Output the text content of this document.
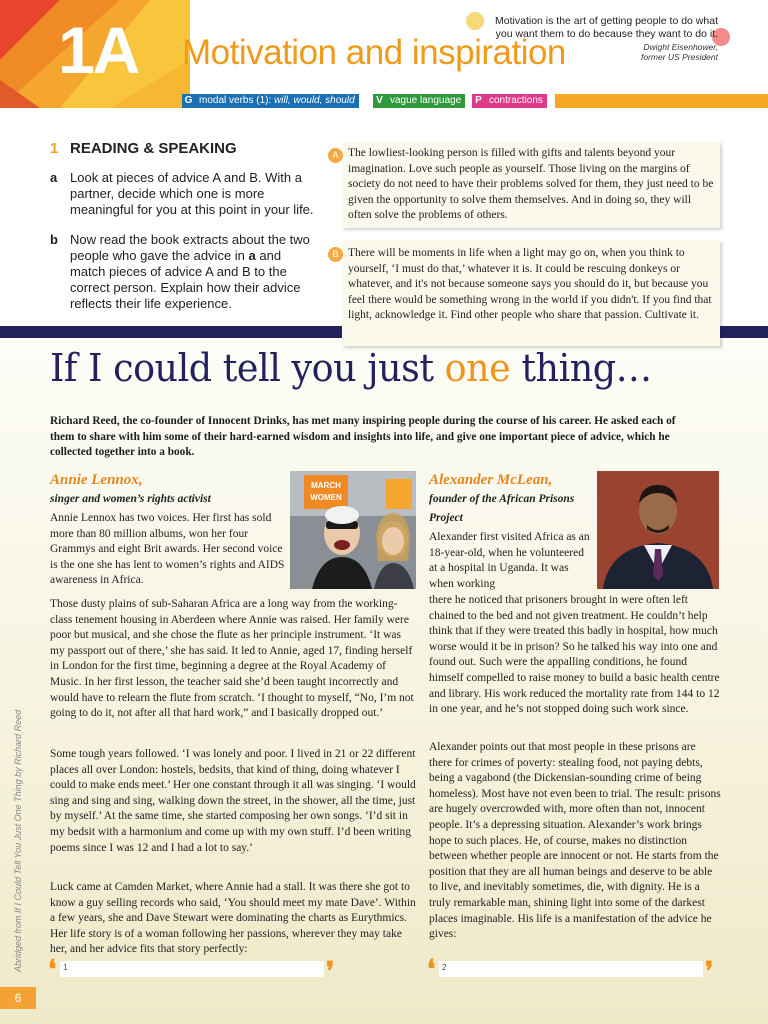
1A Motivation and inspiration
Motivation is the art of getting people to do what you want them to do because they want to do it.
Dwight Eisenhower,
former US President
G modal verbs (1): will, would, should	V vague language	P contractions
1 READING & SPEAKING
a Look at pieces of advice A and B. With a partner, decide which one is more meaningful for you at this point in your life.
b Now read the book extracts about the two people who gave the advice in a and match pieces of advice A and B to the correct person. Explain how their advice reflects their life experience.
A The lowliest-looking person is filled with gifts and talents beyond your imagination. Love such people as yourself. Those living on the margins of society do not need to have their problems solved for them, they just need to be given the opportunity to solve them themselves. And in doing so, they will often solve the problems of others.
B There will be moments in life when a light may go on, when you think to yourself, ‘I must do that,’ whatever it is. It could be rescuing donkeys or whatever, and it's not because someone says you should do it, but because you feel there would be something wrong in the world if you didn't. If you find that light, acknowledge it. Find other people who share that passion. Cultivate it.
If I could tell you just one thing…
Richard Reed, the co-founder of Innocent Drinks, has met many inspiring people during the course of his career. He asked each of them to share with him some of their hard-earned wisdom and insights into life, and give one important piece of advice, which he collected together into a book.
Annie Lennox,
singer and women’s rights activist
MARCH
WOMEN
Annie Lennox has two voices. Her first has sold more than 80 million albums, won her four Grammys and eight Brit awards. Her second voice is the one she has lent to women’s rights and AIDS awareness in Africa.
Those dusty plains of sub-Saharan Africa are a long way from the working-class tenement housing in Aberdeen where Annie was raised. Her family were poor but musical, and she chose the flute as her principle instrument. ‘It was my passport out of there,’ she has said. It led to Annie, aged 17, finding herself in London for the first time, beginning a degree at the Royal Academy of Music. In her first lesson, the teacher said she’d been taught incorrectly and would have to relearn the flute from scratch. ‘I thought to myself, “No, I’m not going to do it, not after all that hard work,” and I basically dropped out.’
Some tough years followed. ‘I was lonely and poor. I lived in 21 or 22 different places all over London: hostels, bedsits, that kind of thing, doing whatever I could to make ends meet.’ Her one constant through it all was singing. ‘I would sing and sing and sing, walking down the street, in the shower, all the time, just by myself.’ At the same time, she started composing her own songs. ‘I’d sit in my bedsit with a harmonium and come up with my own stuff. I’d been writing poems since I was 12 and I had a lot to say.’
Luck came at Camden Market, where Annie had a stall. It was there she got to know a guy selling records who said, ‘You should meet my mate Dave’. Within a few years, she and Dave Stewart were dominating the charts as Eurythmics. Her life story is of a woman following her passions, wherever they may take her, and her advice fits that story perfectly:
❛ 1	❜
Alexander McLean,
founder of the African Prisons Project
Alexander first visited Africa as an 18-year-old, when he volunteered at a hospital in Uganda. It was when working
there he noticed that prisoners brought in were often left chained to the bed and not given treatment. He couldn’t help think that if they were treated this badly in hospital, how much worse would it be in prison? So he talked his way into one and found out. Such were the appalling conditions, he found himself compelled to raise money to build a basic health centre and library. His work reduced the mortality rate from 144 to 12 in one year, and he’s not stopped doing such work since.
Alexander points out that most people in these prisons are there for crimes of poverty: stealing food, not paying debts, being a vagabond (the Dickensian-sounding crime of being homeless). Most have not even been to trial. The result: prisons are hugely overcrowded with, more often than not, innocent people. It’s a depressing situation. Alexander’s work brings hope to such places. He, of course, makes no distinction between whether people are innocent or not. He starts from the position that they are all human beings and deserve to be able to live, and inevitably sometimes, die, with dignity. He is a truly remarkable man, shining light into some of the darkest places imaginable. His life is a manifestation of the advice he gives:
❛ 2	❜
Abridged from If I Could Tell You Just One Thing by Richard Reed
6
